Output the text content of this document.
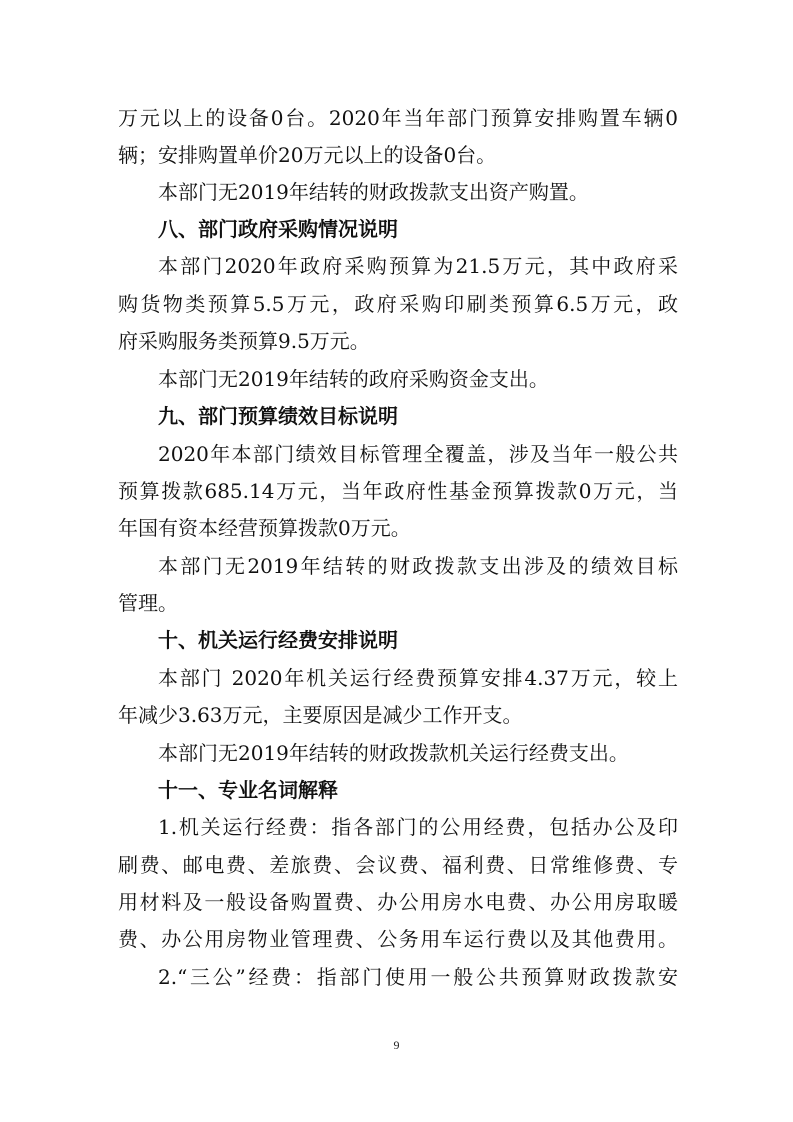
万元以上的设备0台。2020年当年部门预算安排购置车辆0

辆；安排购置单价20万元以上的设备0台。

本部门无2019年结转的财政拨款支出资产购置。

八、部门政府采购情况说明

本部门2020年政府采购预算为21.5万元，其中政府采

购货物类预算5.5万元，政府采购印刷类预算6.5万元，政

府采购服务类预算9.5万元。

本部门无2019年结转的政府采购资金支出。

九、部门预算绩效目标说明

2020年本部门绩效目标管理全覆盖，涉及当年一般公共

预算拨款685.14万元，当年政府性基金预算拨款0万元，当

年国有资本经营预算拨款0万元。

本部门无2019年结转的财政拨款支出涉及的绩效目标

管理。

十、机关运行经费安排说明

本部门 2020年机关运行经费预算安排4.37万元，较上

年减少3.63万元，主要原因是减少工作开支。

本部门无2019年结转的财政拨款机关运行经费支出。

十一、专业名词解释

1.机关运行经费：指各部门的公用经费，包括办公及印

刷费、邮电费、差旅费、会议费、福利费、日常维修费、专

用材料及一般设备购置费、办公用房水电费、办公用房取暖

费、办公用房物业管理费、公务用车运行费以及其他费用。

2.“三公”经费：指部门使用一般公共预算财政拨款安

9
